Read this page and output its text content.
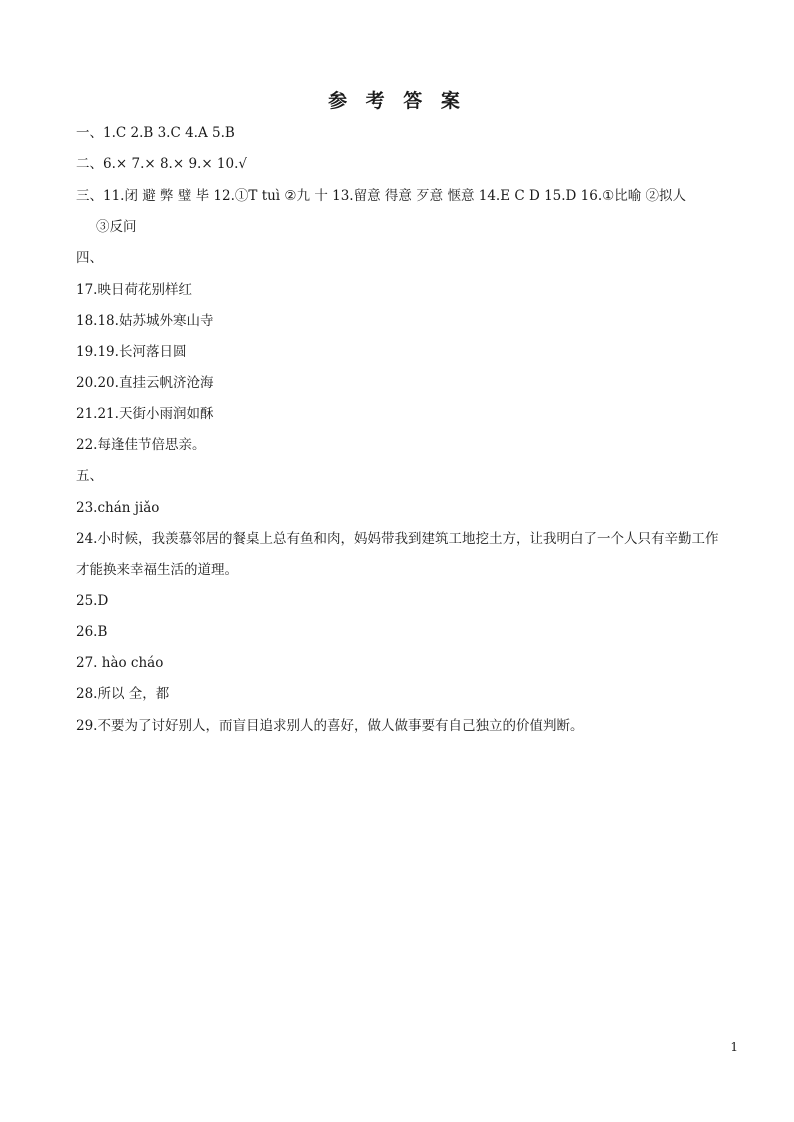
参 考 答 案
一、1.C 2.B 3.C 4.A 5.B
二、6.× 7.× 8.× 9.× 10.√
三、11.闭 避 弊 璧 毕 12.①T tuì ②九 十 13.留意 得意 歹意 惬意 14.E C D 15.D 16.①比喻 ②拟人
③反问
四、
17.映日荷花别样红
18.18.姑苏城外寒山寺
19.19.长河落日圆
20.20.直挂云帆济沧海
21.21.天街小雨润如酥
22.每逢佳节倍思亲。
五、
23.chán jiǎo
24.小时候，我羡慕邻居的餐桌上总有鱼和肉，妈妈带我到建筑工地挖土方，让我明白了一个人只有辛勤工作
才能换来幸福生活的道理。
25.D
26.B
27. hào cháo
28.所以 全，都
29.不要为了讨好别人，而盲目追求别人的喜好，做人做事要有自己独立的价值判断。
1
